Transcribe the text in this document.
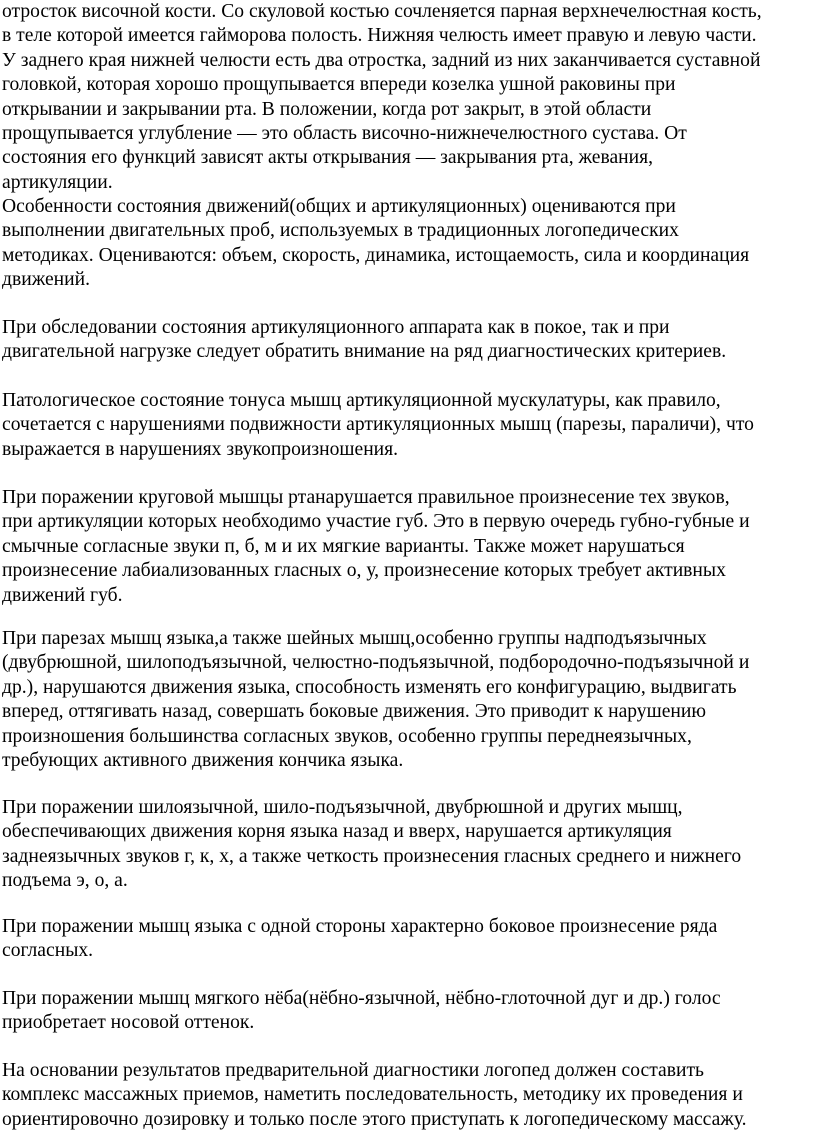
отросток височной кости. Со скуловой костью сочленяется парная верхнечелюстная кость,
в теле которой имеется гайморова полость. Нижняя челюсть имеет правую и левую части.
У заднего края нижней челюсти есть два отростка, задний из них заканчивается суставной
головкой, которая хорошо прощупывается впереди козелка ушной раковины при
открывании и закрывании рта. В положении, когда рот закрыт, в этой области
прощупывается углубление — это область височно-нижнечелюстного сустава. От
состояния его функций зависят акты открывания — закрывания рта, жевания,
артикуляции.
Особенности состояния движений(общих и артикуляционных) оцениваются при
выполнении двигательных проб, используемых в традиционных логопедических
методиках. Оцениваются: объем, скорость, динамика, истощаемость, сила и координация
движений.
При обследовании состояния артикуляционного аппарата как в покое, так и при
двигательной нагрузке следует обратить внимание на ряд диагностических критериев.
Патологическое состояние тонуса мышц артикуляционной мускулатуры, как правило,
сочетается с нарушениями подвижности артикуляционных мышц (парезы, параличи), что
выражается в нарушениях звукопроизношения.
При поражении круговой мышцы ртанарушается правильное произнесение тех звуков,
при артикуляции которых необходимо участие губ. Это в первую очередь губно-губные и
смычные согласные звуки п, б, м и их мягкие варианты. Также может нарушаться
произнесение лабиализованных гласных о, у, произнесение которых требует активных
движений губ.
При парезах мышц языка,а также шейных мышц,особенно группы надподъязычных
(двубрюшной, шилоподъязычной, челюстно-подъязычной, подбородочно-подъязычной и
др.), нарушаются движения языка, способность изменять его конфигурацию, выдвигать
вперед, оттягивать назад, совершать боковые движения. Это приводит к нарушению
произношения большинства согласных звуков, особенно группы переднеязычных,
требующих активного движения кончика языка.
При поражении шилоязычной, шило-подъязычной, двубрюшной и других мышц,
обеспечивающих движения корня языка назад и вверх, нарушается артикуляция
заднеязычных звуков г, к, х, а также четкость произнесения гласных среднего и нижнего
подъема э, о, а.
При поражении мышц языка с одной стороны характерно боковое произнесение ряда
согласных.
При поражении мышц мягкого нёба(нёбно-язычной, нёбно-глоточной дуг и др.) голос
приобретает носовой оттенок.
На основании результатов предварительной диагностики логопед должен составить
комплекс массажных приемов, наметить последовательность, методику их проведения и
ориентировочно дозировку и только после этого приступать к логопедическому массажу.
